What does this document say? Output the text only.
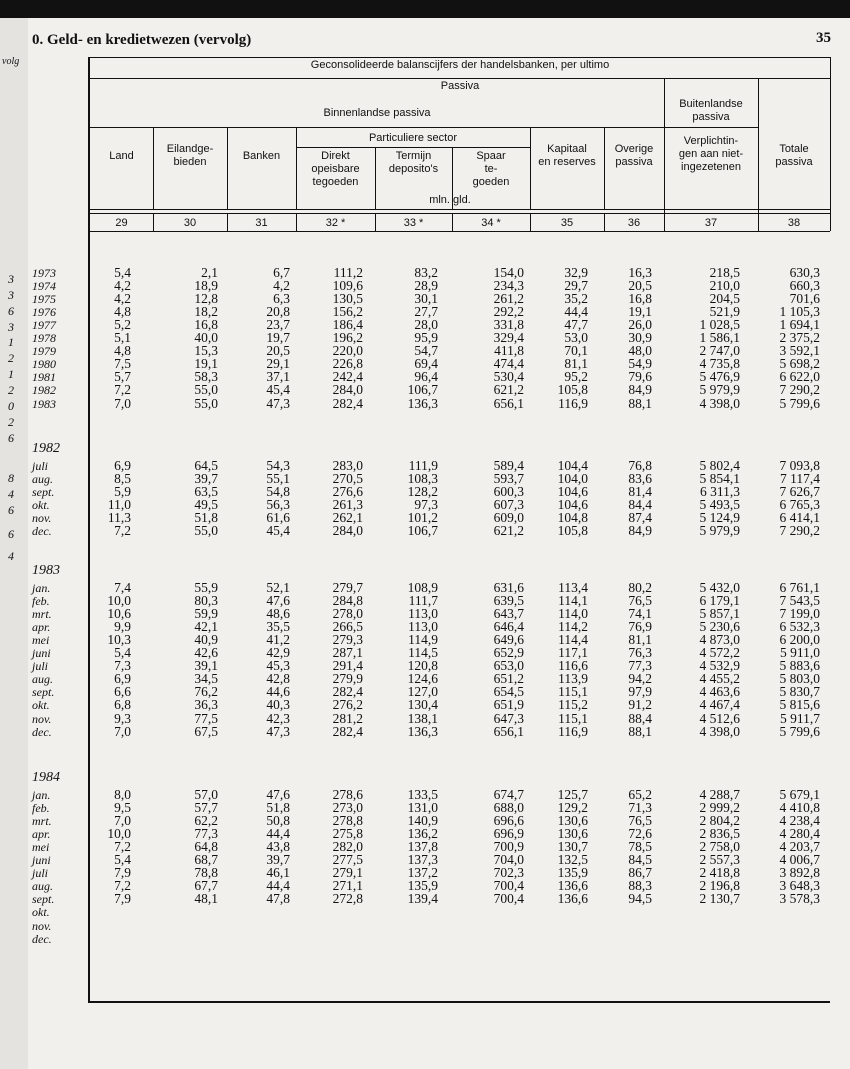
volg
3
3
6
3
1
2
1
2
0
2
6
8
4
6
6
4
0. Geld- en kredietwezen (vervolg)	35
Geconsolideerde balanscijfers der handelsbanken, per ultimo
Passiva
Binnenlandse passiva
Buitenlandse
passiva
Particuliere sector
mln. gld.
Land
29
Eilandge-
bieden
30
Banken
31
Direkt
opeisbare
tegoeden
32 *
Termijn
deposito's
33 *
Spaar
te-
goeden
34 *
Kapitaal
en reserves
35
Overige
passiva
36
Verplichtin-
gen aan niet-
ingezetenen
37
Totale
passiva
38
1973	5,4	2,1	6,7	111,2	83,2	154,0	32,9	16,3	218,5	630,3
1974	4,2	18,9	4,2	109,6	28,9	234,3	29,7	20,5	210,0	660,3
1975	4,2	12,8	6,3	130,5	30,1	261,2	35,2	16,8	204,5	701,6
1976	4,8	18,2	20,8	156,2	27,7	292,2	44,4	19,1	521,9	1 105,3
1977	5,2	16,8	23,7	186,4	28,0	331,8	47,7	26,0	1 028,5	1 694,1
1978	5,1	40,0	19,7	196,2	95,9	329,4	53,0	30,9	1 586,1	2 375,2
1979	4,8	15,3	20,5	220,0	54,7	411,8	70,1	48,0	2 747,0	3 592,1
1980	7,5	19,1	29,1	226,8	69,4	474,4	81,1	54,9	4 735,8	5 698,2
1981	5,7	58,3	37,1	242,4	96,4	530,4	95,2	79,6	5 476,9	6 622,0
1982	7,2	55,0	45,4	284,0	106,7	621,2	105,8	84,9	5 979,9	7 290,2
1983	7,0	55,0	47,3	282,4	136,3	656,1	116,9	88,1	4 398,0	5 799,6
1982
juli	6,9	64,5	54,3	283,0	111,9	589,4	104,4	76,8	5 802,4	7 093,8
aug.	8,5	39,7	55,1	270,5	108,3	593,7	104,0	83,6	5 854,1	7 117,4
sept.	5,9	63,5	54,8	276,6	128,2	600,3	104,6	81,4	6 311,3	7 626,7
okt.	11,0	49,5	56,3	261,3	97,3	607,3	104,6	84,4	5 493,5	6 765,3
nov.	11,3	51,8	61,6	262,1	101,2	609,0	104,8	87,4	5 124,9	6 414,1
dec.	7,2	55,0	45,4	284,0	106,7	621,2	105,8	84,9	5 979,9	7 290,2
1983
jan.	7,4	55,9	52,1	279,7	108,9	631,6	113,4	80,2	5 432,0	6 761,1
feb.	10,0	80,3	47,6	284,8	111,7	639,5	114,1	76,5	6 179,1	7 543,5
mrt.	10,6	59,9	48,6	278,0	113,0	643,7	114,0	74,1	5 857,1	7 199,0
apr.	9,9	42,1	35,5	266,5	113,0	646,4	114,2	76,9	5 230,6	6 532,3
mei	10,3	40,9	41,2	279,3	114,9	649,6	114,4	81,1	4 873,0	6 200,0
juni	5,4	42,6	42,9	287,1	114,5	652,9	117,1	76,3	4 572,2	5 911,0
juli	7,3	39,1	45,3	291,4	120,8	653,0	116,6	77,3	4 532,9	5 883,6
aug.	6,9	34,5	42,8	279,9	124,6	651,2	113,9	94,2	4 455,2	5 803,0
sept.	6,6	76,2	44,6	282,4	127,0	654,5	115,1	97,9	4 463,6	5 830,7
okt.	6,8	36,3	40,3	276,2	130,4	651,9	115,2	91,2	4 467,4	5 815,6
nov.	9,3	77,5	42,3	281,2	138,1	647,3	115,1	88,4	4 512,6	5 911,7
dec.	7,0	67,5	47,3	282,4	136,3	656,1	116,9	88,1	4 398,0	5 799,6
1984
jan.	8,0	57,0	47,6	278,6	133,5	674,7	125,7	65,2	4 288,7	5 679,1
feb.	9,5	57,7	51,8	273,0	131,0	688,0	129,2	71,3	2 999,2	4 410,8
mrt.	7,0	62,2	50,8	278,8	140,9	696,6	130,6	76,5	2 804,2	4 238,4
apr.	10,0	77,3	44,4	275,8	136,2	696,9	130,6	72,6	2 836,5	4 280,4
mei	7,2	64,8	43,8	282,0	137,8	700,9	130,7	78,5	2 758,0	4 203,7
juni	5,4	68,7	39,7	277,5	137,3	704,0	132,5	84,5	2 557,3	4 006,7
juli	7,9	78,8	46,1	279,1	137,2	702,3	135,9	86,7	2 418,8	3 892,8
aug.	7,2	67,7	44,4	271,1	135,9	700,4	136,6	88,3	2 196,8	3 648,3
sept.	7,9	48,1	47,8	272,8	139,4	700,4	136,6	94,5	2 130,7	3 578,3
okt.
nov.
dec.
